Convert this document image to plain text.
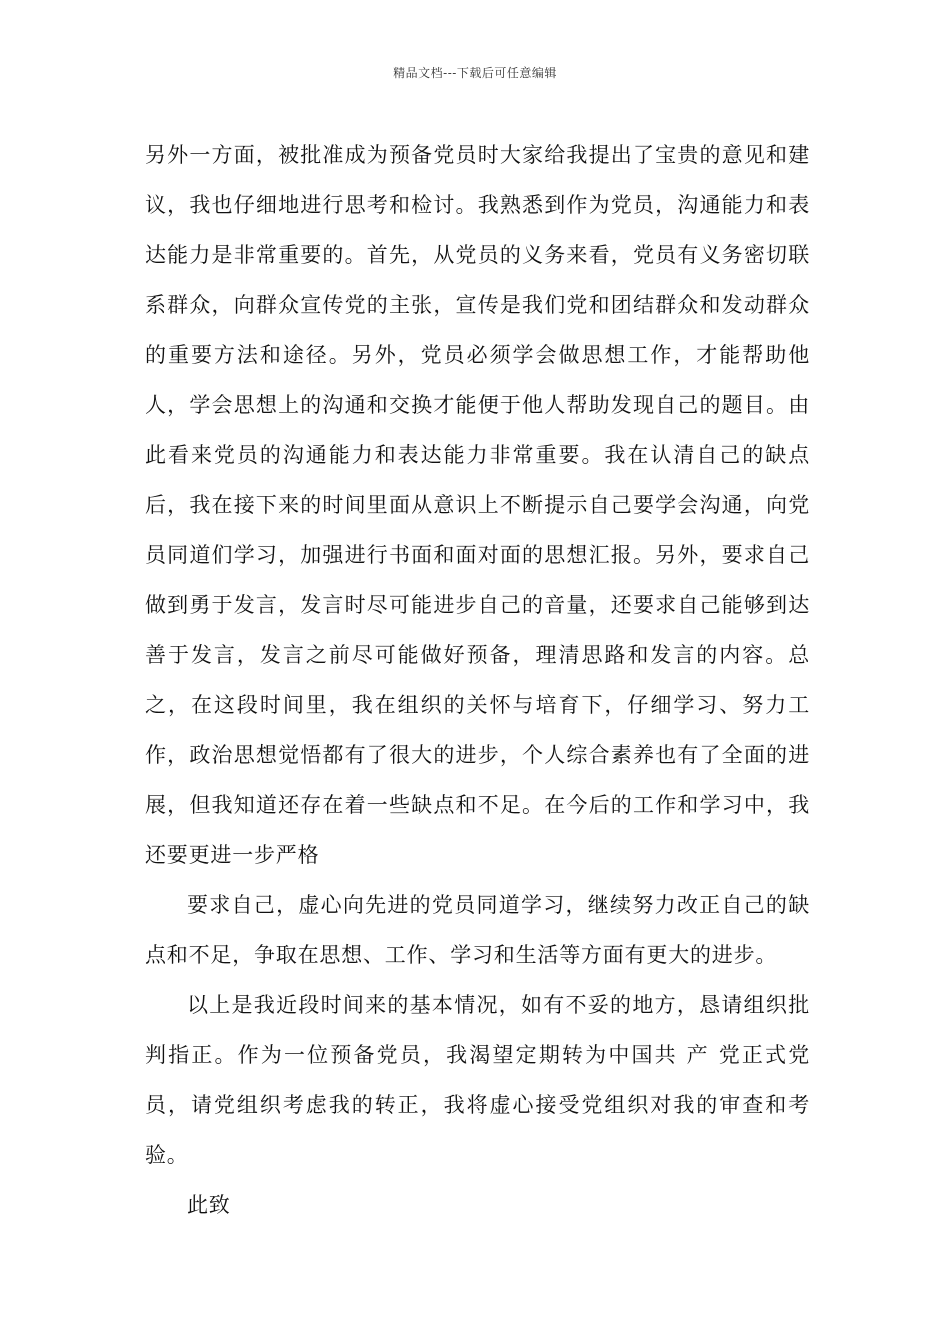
精品文档---下载后可任意编辑

另外一方面，被批准成为预备党员时大家给我提出了宝贵的意见和建议，我也仔细地进行思考和检讨。我熟悉到作为党员，沟通能力和表达能力是非常重要的。首先，从党员的义务来看，党员有义务密切联系群众，向群众宣传党的主张，宣传是我们党和团结群众和发动群众的重要方法和途径。另外，党员必须学会做思想工作，才能帮助他人，学会思想上的沟通和交换才能便于他人帮助发现自己的题目。由此看来党员的沟通能力和表达能力非常重要。我在认清自己的缺点后，我在接下来的时间里面从意识上不断提示自己要学会沟通，向党员同道们学习，加强进行书面和面对面的思想汇报。另外，要求自己做到勇于发言，发言时尽可能进步自己的音量，还要求自己能够到达善于发言，发言之前尽可能做好预备，理清思路和发言的内容。总之，在这段时间里，我在组织的关怀与培育下，仔细学习、努力工作，政治思想觉悟都有了很大的进步，个人综合素养也有了全面的进展，但我知道还存在着一些缺点和不足。在今后的工作和学习中，我还要更进一步严格

要求自己，虚心向先进的党员同道学习，继续努力改正自己的缺点和不足，争取在思想、工作、学习和生活等方面有更大的进步。

以上是我近段时间来的基本情况，如有不妥的地方，恳请组织批判指正。作为一位预备党员，我渴望定期转为中国共 产 党正式党员，请党组织考虑我的转正，我将虚心接受党组织对我的审查和考验。

此致
